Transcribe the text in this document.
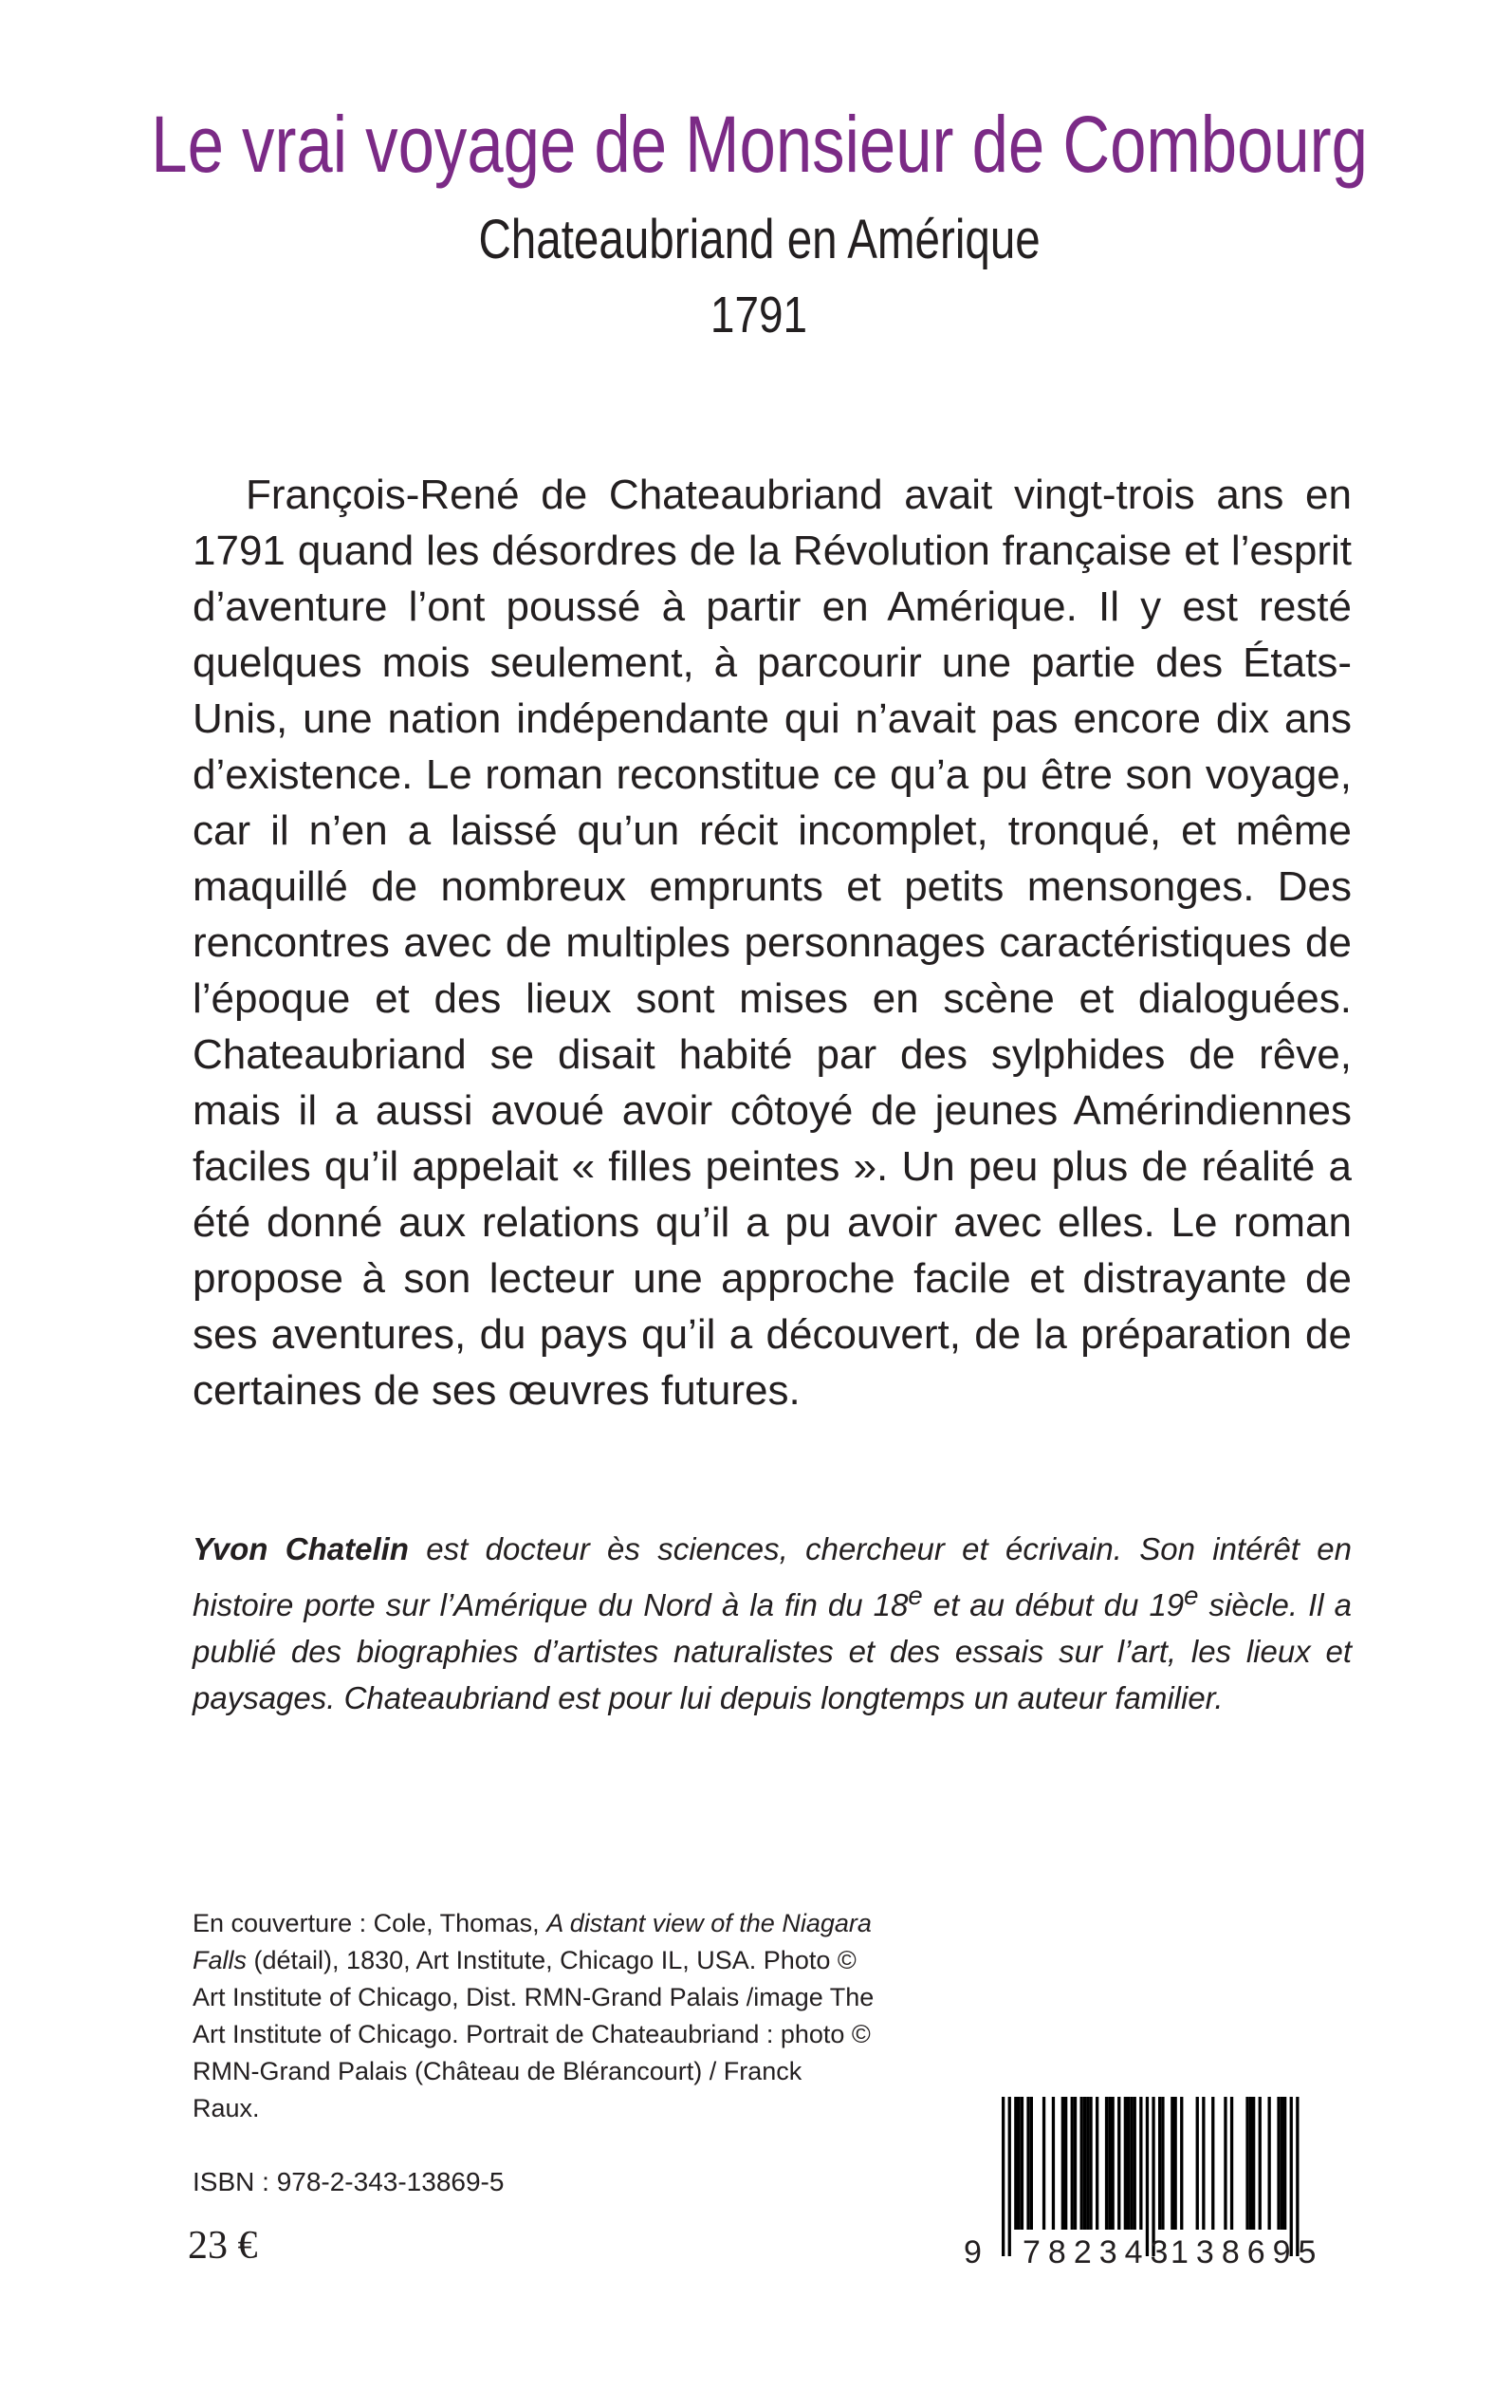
Le vrai voyage de Monsieur de Combourg
Chateaubriand en Amérique
1791

François-René de Chateaubriand avait vingt-trois ans en 1791 quand les désordres de la Révolution française et l’esprit d’aventure l’ont poussé à partir en Amérique. Il y est resté quelques mois seulement, à parcourir une partie des États-Unis, une nation indépendante qui n’avait pas encore dix ans d’existence. Le roman reconstitue ce qu’a pu être son voyage, car il n’en a laissé qu’un récit incomplet, tronqué, et même maquillé de nombreux emprunts et petits mensonges. Des rencontres avec de multiples personnages caractéristiques de l’époque et des lieux sont mises en scène et dialoguées. Chateaubriand se disait habité par des sylphides de rêve, mais il a aussi avoué avoir côtoyé de jeunes Amérindiennes faciles qu’il appelait « filles peintes ». Un peu plus de réalité a été donné aux relations qu’il a pu avoir avec elles. Le roman propose à son lecteur une approche facile et distrayante de ses aventures, du pays qu’il a découvert, de la préparation de certaines de ses œuvres futures.

Yvon Chatelin est docteur ès sciences, chercheur et écrivain. Son intérêt en histoire porte sur l’Amérique du Nord à la fin du 18e et au début du 19e siècle. Il a publié des biographies d’artistes naturalistes et des essais sur l’art, les lieux et paysages. Chateaubriand est pour lui depuis longtemps un auteur familier.

En couverture : Cole, Thomas, A distant view of the Niagara Falls (détail), 1830, Art Institute, Chicago IL, USA. Photo © Art Institute of Chicago, Dist. RMN-Grand Palais /image The Art Institute of Chicago. Portrait de Chateaubriand : photo © RMN-Grand Palais (Château de Blérancourt) / Franck Raux.

ISBN : 978-2-343-13869-5
23 €	9 782343
138695
